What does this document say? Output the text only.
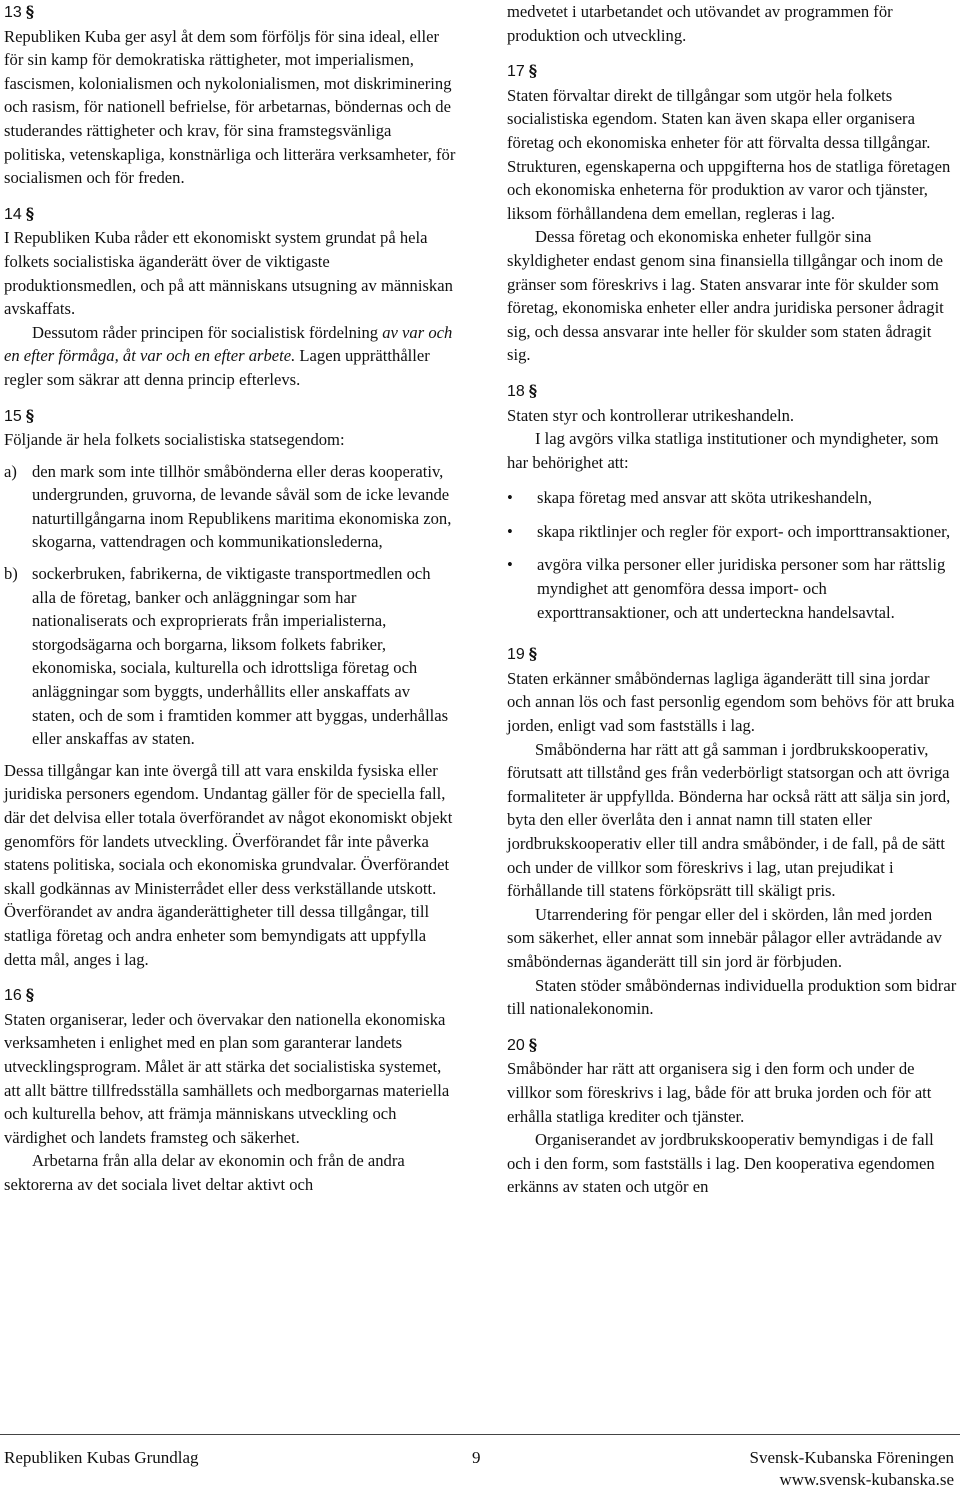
13 §

Republiken Kuba ger asyl åt dem som förföljs för sina ideal, eller för sin kamp för demokratiska rättigheter, mot imperialismen, fascismen, kolonialismen och nykolonialismen, mot diskriminering och rasism, för nationell befrielse, för arbetarnas, böndernas och de studerandes rättigheter och krav, för sina framstegsvänliga politiska, vetenskapliga, konstnärliga och litterära verksamheter, för socialismen och för freden.

14 §

I Republiken Kuba råder ett ekonomiskt system grundat på hela folkets socialistiska äganderätt över de viktigaste produktionsmedlen, och på att människans utsugning av människan avskaffats.

Dessutom råder principen för socialistisk fördelning av var och en efter förmåga, åt var och en efter arbete. Lagen upprätthåller regler som säkrar att denna princip efterlevs.

15 §

Följande är hela folkets socialistiska statsegendom:

a) den mark som inte tillhör småbönderna eller deras kooperativ, undergrunden, gruvorna, de levande såväl som de icke levande naturtillgångarna inom Republikens maritima ekonomiska zon, skogarna, vattendragen och kommunikationslederna,
b) sockerbruken, fabrikerna, de viktigaste transportmedlen och alla de företag, banker och anläggningar som har nationaliserats och exproprierats från imperialisterna, storgodsägarna och borgarna, liksom folkets fabriker, ekonomiska, sociala, kulturella och idrottsliga företag och anläggningar som byggts, underhållits eller anskaffats av staten, och de som i framtiden kommer att byggas, underhållas eller anskaffas av staten.

Dessa tillgångar kan inte övergå till att vara enskilda fysiska eller juridiska personers egendom. Undantag gäller för de speciella fall, där det delvisa eller totala överförandet av något ekonomiskt objekt genomförs för landets utveckling. Överförandet får inte påverka statens politiska, sociala och ekonomiska grundvalar. Överförandet skall godkännas av Ministerrådet eller dess verkställande utskott.

Överförandet av andra äganderättigheter till dessa tillgångar, till statliga företag och andra enheter som bemyndigats att uppfylla detta mål, anges i lag.

16 §

Staten organiserar, leder och övervakar den nationella ekonomiska verksamheten i enlighet med en plan som garanterar landets utvecklingsprogram. Målet är att stärka det socialistiska systemet, att allt bättre tillfredsställa samhällets och medborgarnas materiella och kulturella behov, att främja människans utveckling och värdighet och landets framsteg och säkerhet.

Arbetarna från alla delar av ekonomin och från de andra sektorerna av det sociala livet deltar aktivt och

medvetet i utarbetandet och utövandet av programmen för produktion och utveckling.

17 §

Staten förvaltar direkt de tillgångar som utgör hela folkets socialistiska egendom. Staten kan även skapa eller organisera företag och ekonomiska enheter för att förvalta dessa tillgångar. Strukturen, egenskaperna och uppgifterna hos de statliga företagen och ekonomiska enheterna för produktion av varor och tjänster, liksom förhållandena dem emellan, regleras i lag.

Dessa företag och ekonomiska enheter fullgör sina skyldigheter endast genom sina finansiella tillgångar och inom de gränser som föreskrivs i lag. Staten ansvarar inte för skulder som företag, ekonomiska enheter eller andra juridiska personer ådragit sig, och dessa ansvarar inte heller för skulder som staten ådragit sig.

18 §

Staten styr och kontrollerar utrikeshandeln.

I lag avgörs vilka statliga institutioner och myndigheter, som har behörighet att:

• skapa företag med ansvar att sköta utrikeshandeln,
• skapa riktlinjer och regler för export- och importtransaktioner,
• avgöra vilka personer eller juridiska personer som har rättslig myndighet att genomföra dessa import- och exporttransaktioner, och att underteckna handelsavtal.
19 §

Staten erkänner småböndernas lagliga äganderätt till sina jordar och annan lös och fast personlig egendom som behövs för att bruka jorden, enligt vad som fastställs i lag.

Småbönderna har rätt att gå samman i jordbrukskooperativ, förutsatt att tillstånd ges från vederbörligt statsorgan och att övriga formaliteter är uppfyllda. Bönderna har också rätt att sälja sin jord, byta den eller överlåta den i annat namn till staten eller jordbrukskooperativ eller till andra småbönder, i de fall, på de sätt och under de villkor som föreskrivs i lag, utan prejudikat i förhållande till statens förköpsrätt till skäligt pris.

Utarrendering för pengar eller del i skörden, lån med jorden som säkerhet, eller annat som innebär pålagor eller avträdande av småböndernas äganderätt till sin jord är förbjuden.

Staten stöder småböndernas individuella produktion som bidrar till nationalekonomin.

20 §

Småbönder har rätt att organisera sig i den form och under de villkor som föreskrivs i lag, både för att bruka jorden och för att erhålla statliga krediter och tjänster.

Organiserandet av jordbrukskooperativ bemyndigas i de fall och i den form, som fastställs i lag. Den kooperativa egendomen erkänns av staten och utgör en

Republiken Kubas Grundlag	9	Svensk-Kubanska Föreningen
www.svensk-kubanska.se
